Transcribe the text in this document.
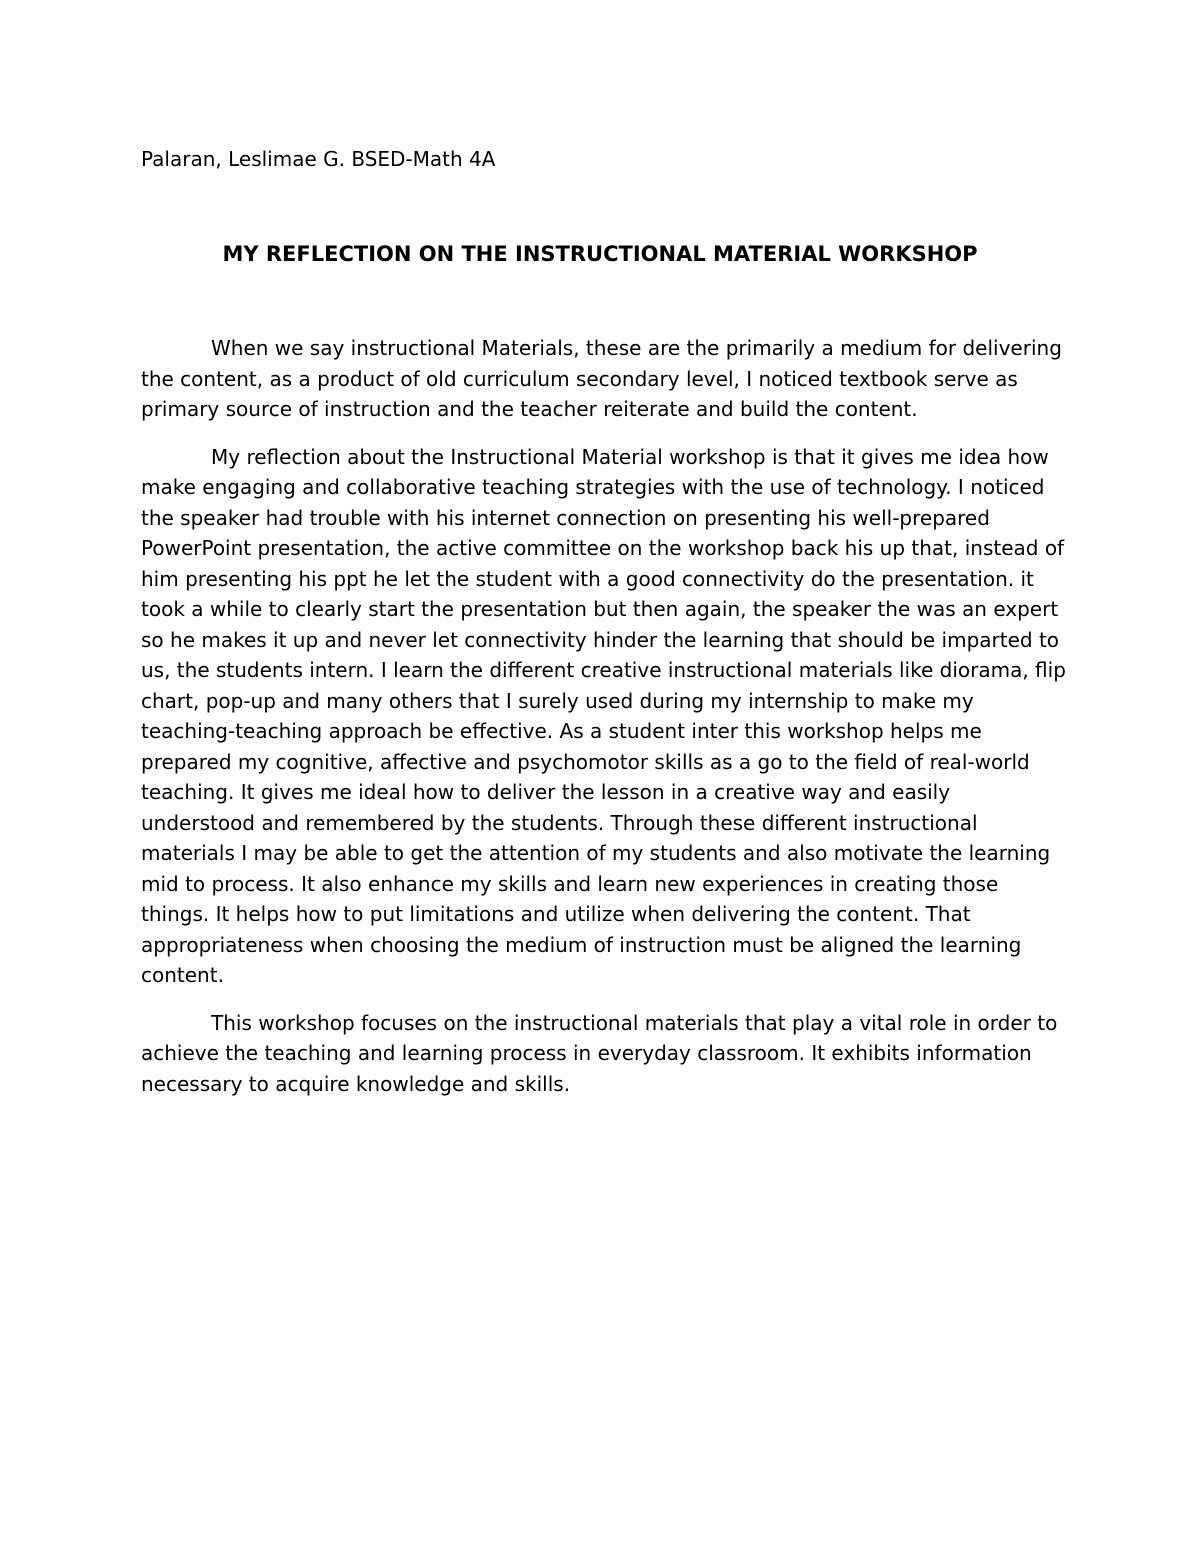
Palaran, Leslimae G. BSED-Math 4A

MY REFLECTION ON THE INSTRUCTIONAL MATERIAL WORKSHOP

When we say instructional Materials, these are the primarily a medium for delivering the content, as a product of old curriculum secondary level, I noticed textbook serve as primary source of instruction and the teacher reiterate and build the content.

My reflection about the Instructional Material workshop is that it gives me idea how make engaging and collaborative teaching strategies with the use of technology. I noticed the speaker had trouble with his internet connection on presenting his well-prepared PowerPoint presentation, the active committee on the workshop back his up that, instead of him presenting his ppt he let the student with a good connectivity do the presentation. it took a while to clearly start the presentation but then again, the speaker the was an expert so he makes it up and never let connectivity hinder the learning that should be imparted to us, the students intern. I learn the different creative instructional materials like diorama, flip chart, pop-up and many others that I surely used during my internship to make my teaching-teaching approach be effective. As a student inter this workshop helps me prepared my cognitive, affective and psychomotor skills as a go to the field of real-world teaching. It gives me ideal how to deliver the lesson in a creative way and easily understood and remembered by the students. Through these different instructional materials I may be able to get the attention of my students and also motivate the learning mid to process. It also enhance my skills and learn new experiences in creating those things. It helps how to put limitations and utilize when delivering the content. That appropriateness when choosing the medium of instruction must be aligned the learning content.

This workshop focuses on the instructional materials that play a vital role in order to achieve the teaching and learning process in everyday classroom. It exhibits information necessary to acquire knowledge and skills.
